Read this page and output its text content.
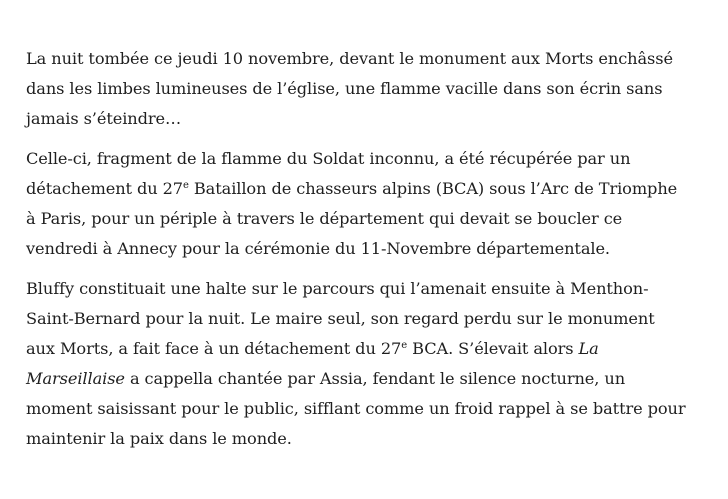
La nuit tombée ce jeudi 10 novembre, devant le monument aux Morts enchâssé dans les limbes lumineuses de l’église, une flamme vacille dans son écrin sans jamais s’éteindre…

Celle-ci, fragment de la flamme du Soldat inconnu, a été récupérée par un détachement du 27e Bataillon de chasseurs alpins (BCA) sous l’Arc de Triomphe à Paris, pour un périple à travers le département qui devait se boucler ce vendredi à Annecy pour la cérémonie du 11-Novembre départementale.

Bluffy constituait une halte sur le parcours qui l’amenait ensuite à Menthon-Saint-Bernard pour la nuit. Le maire seul, son regard perdu sur le monument aux Morts, a fait face à un détachement du 27e BCA. S’élevait alors La Marseillaise a cappella chantée par Assia, fendant le silence nocturne, un moment saisissant pour le public, sifflant comme un froid rappel à se battre pour maintenir la paix dans le monde.
